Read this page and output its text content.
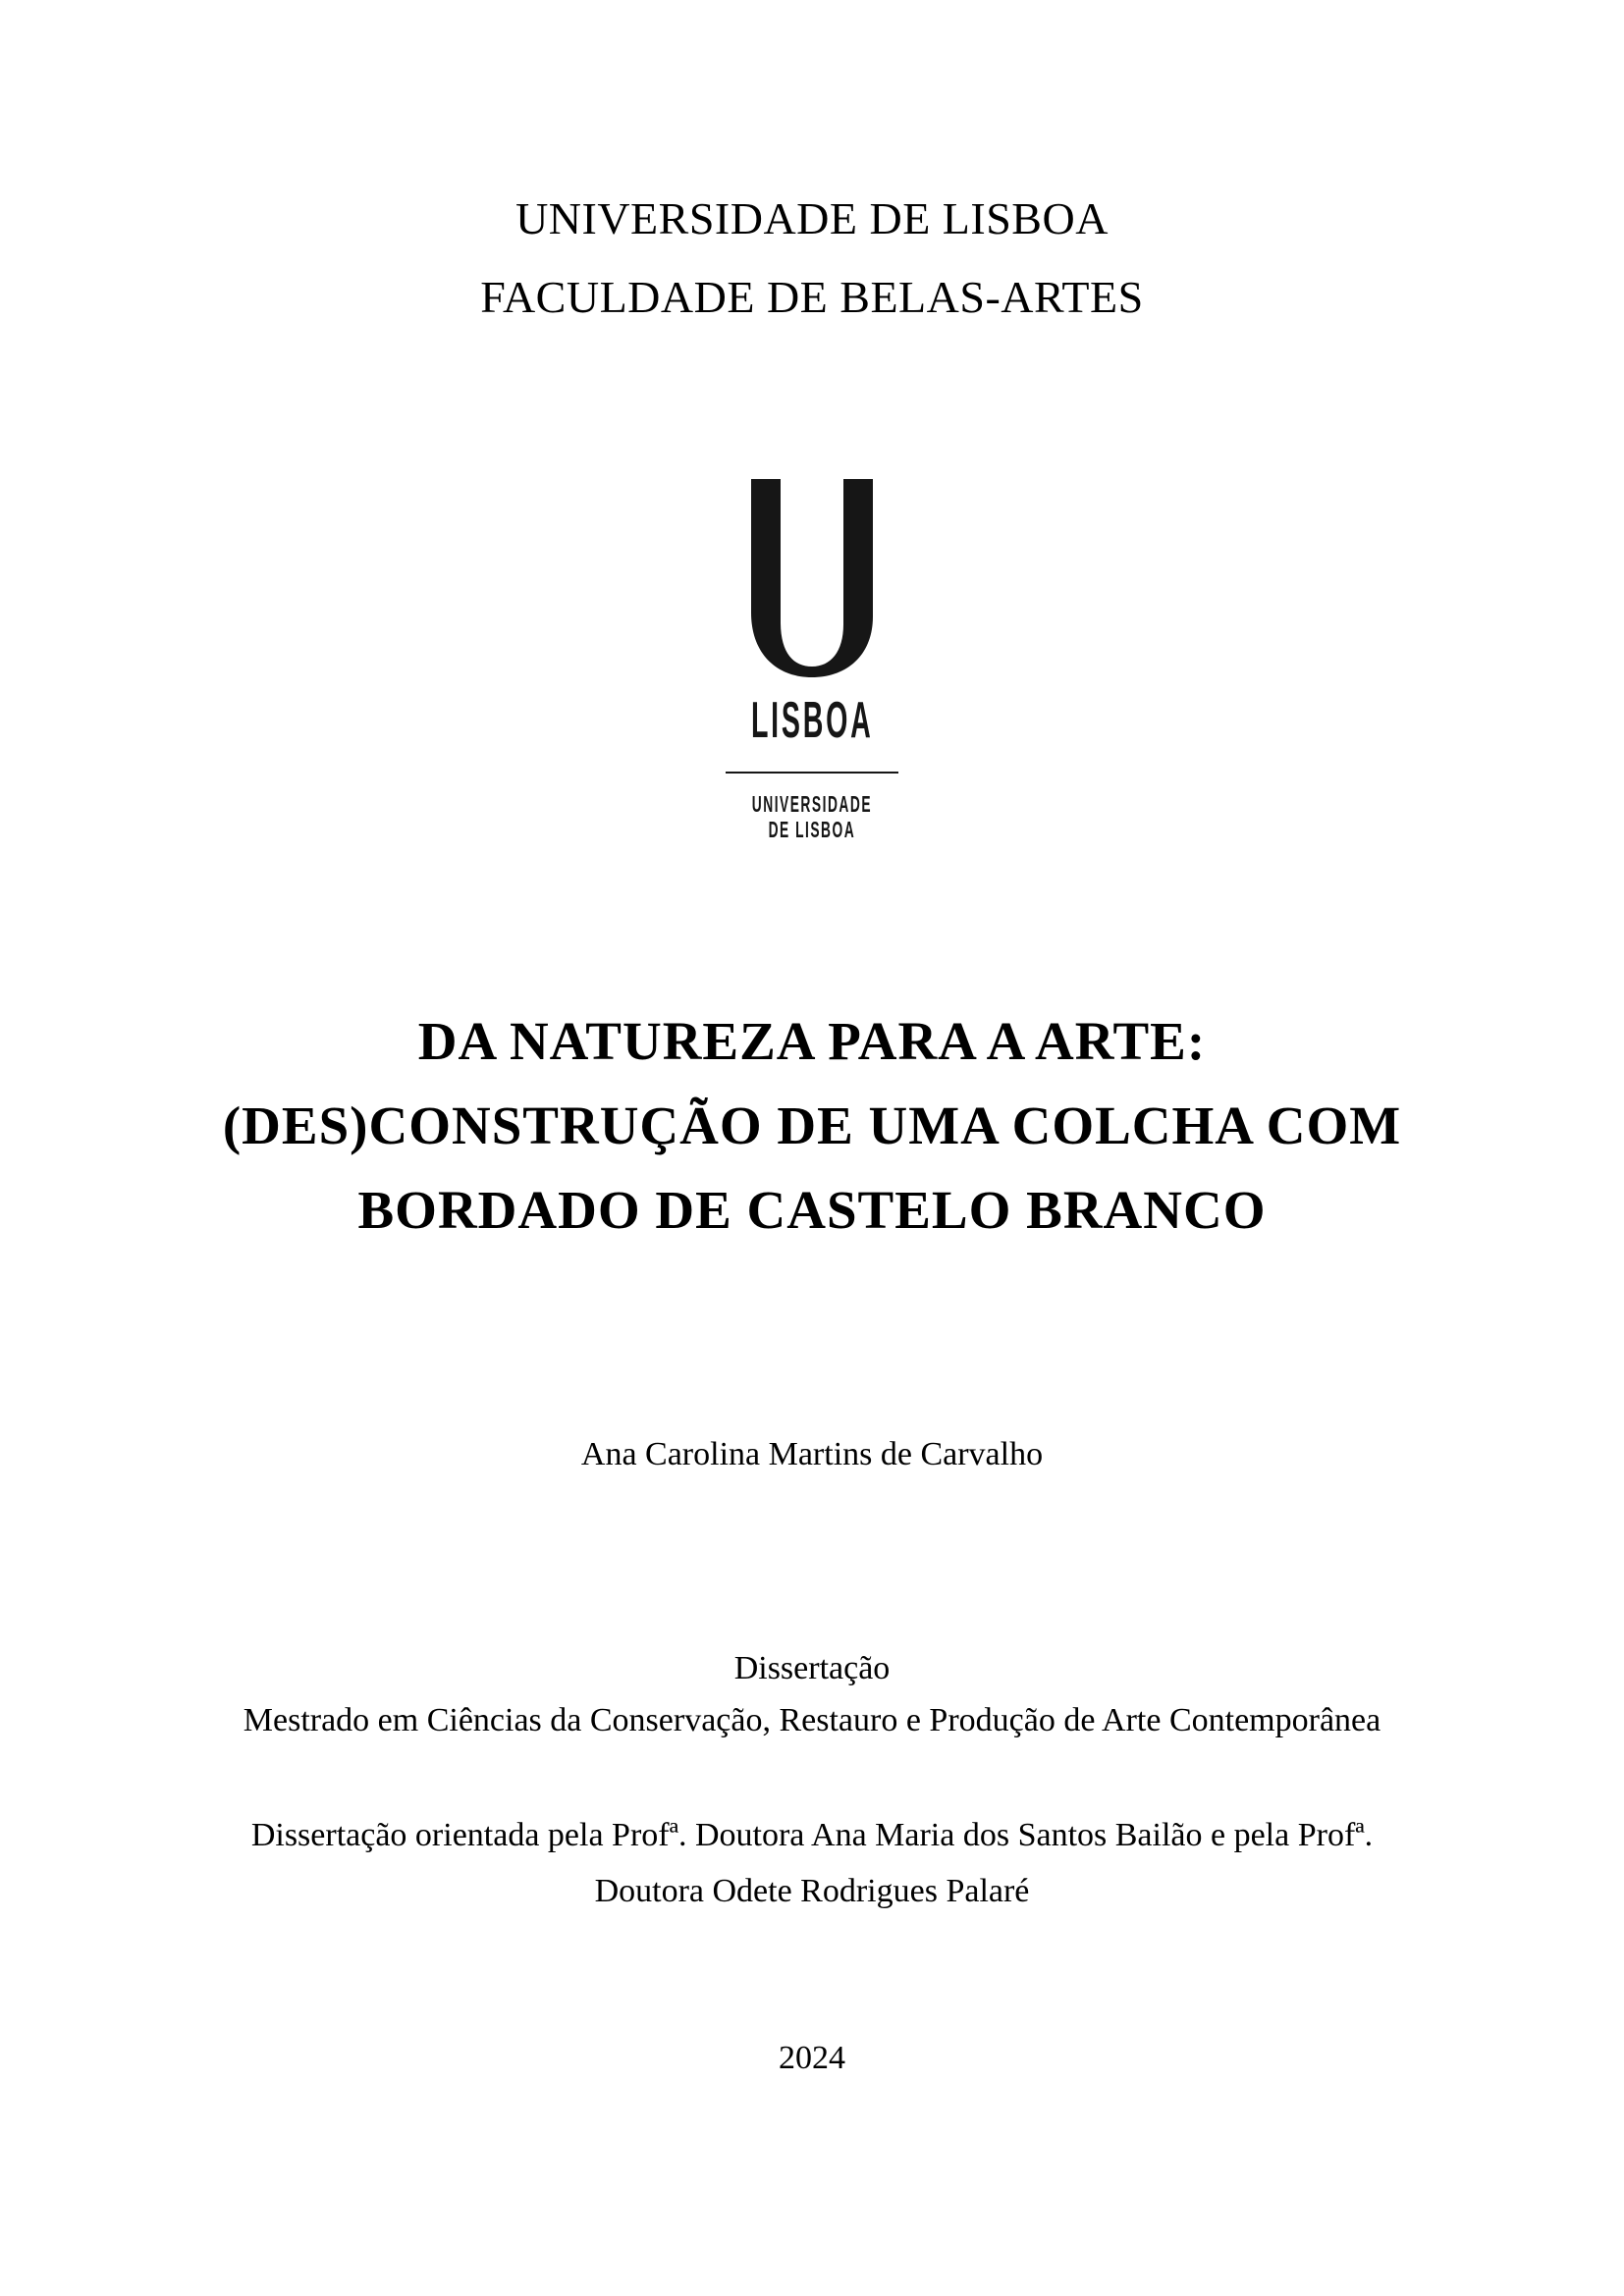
UNIVERSIDADE DE LISBOA
FACULDADE DE BELAS-ARTES
LISBOA
UNIVERSIDADE
DE LISBOA
DA NATUREZA PARA A ARTE:
(DES)CONSTRUÇÃO DE UMA COLCHA COM
BORDADO DE CASTELO BRANCO
Ana Carolina Martins de Carvalho
Dissertação
Mestrado em Ciências da Conservação, Restauro e Produção de Arte Contemporânea
Dissertação orientada pela Profª. Doutora Ana Maria dos Santos Bailão e pela Profª.
Doutora Odete Rodrigues Palaré
2024
